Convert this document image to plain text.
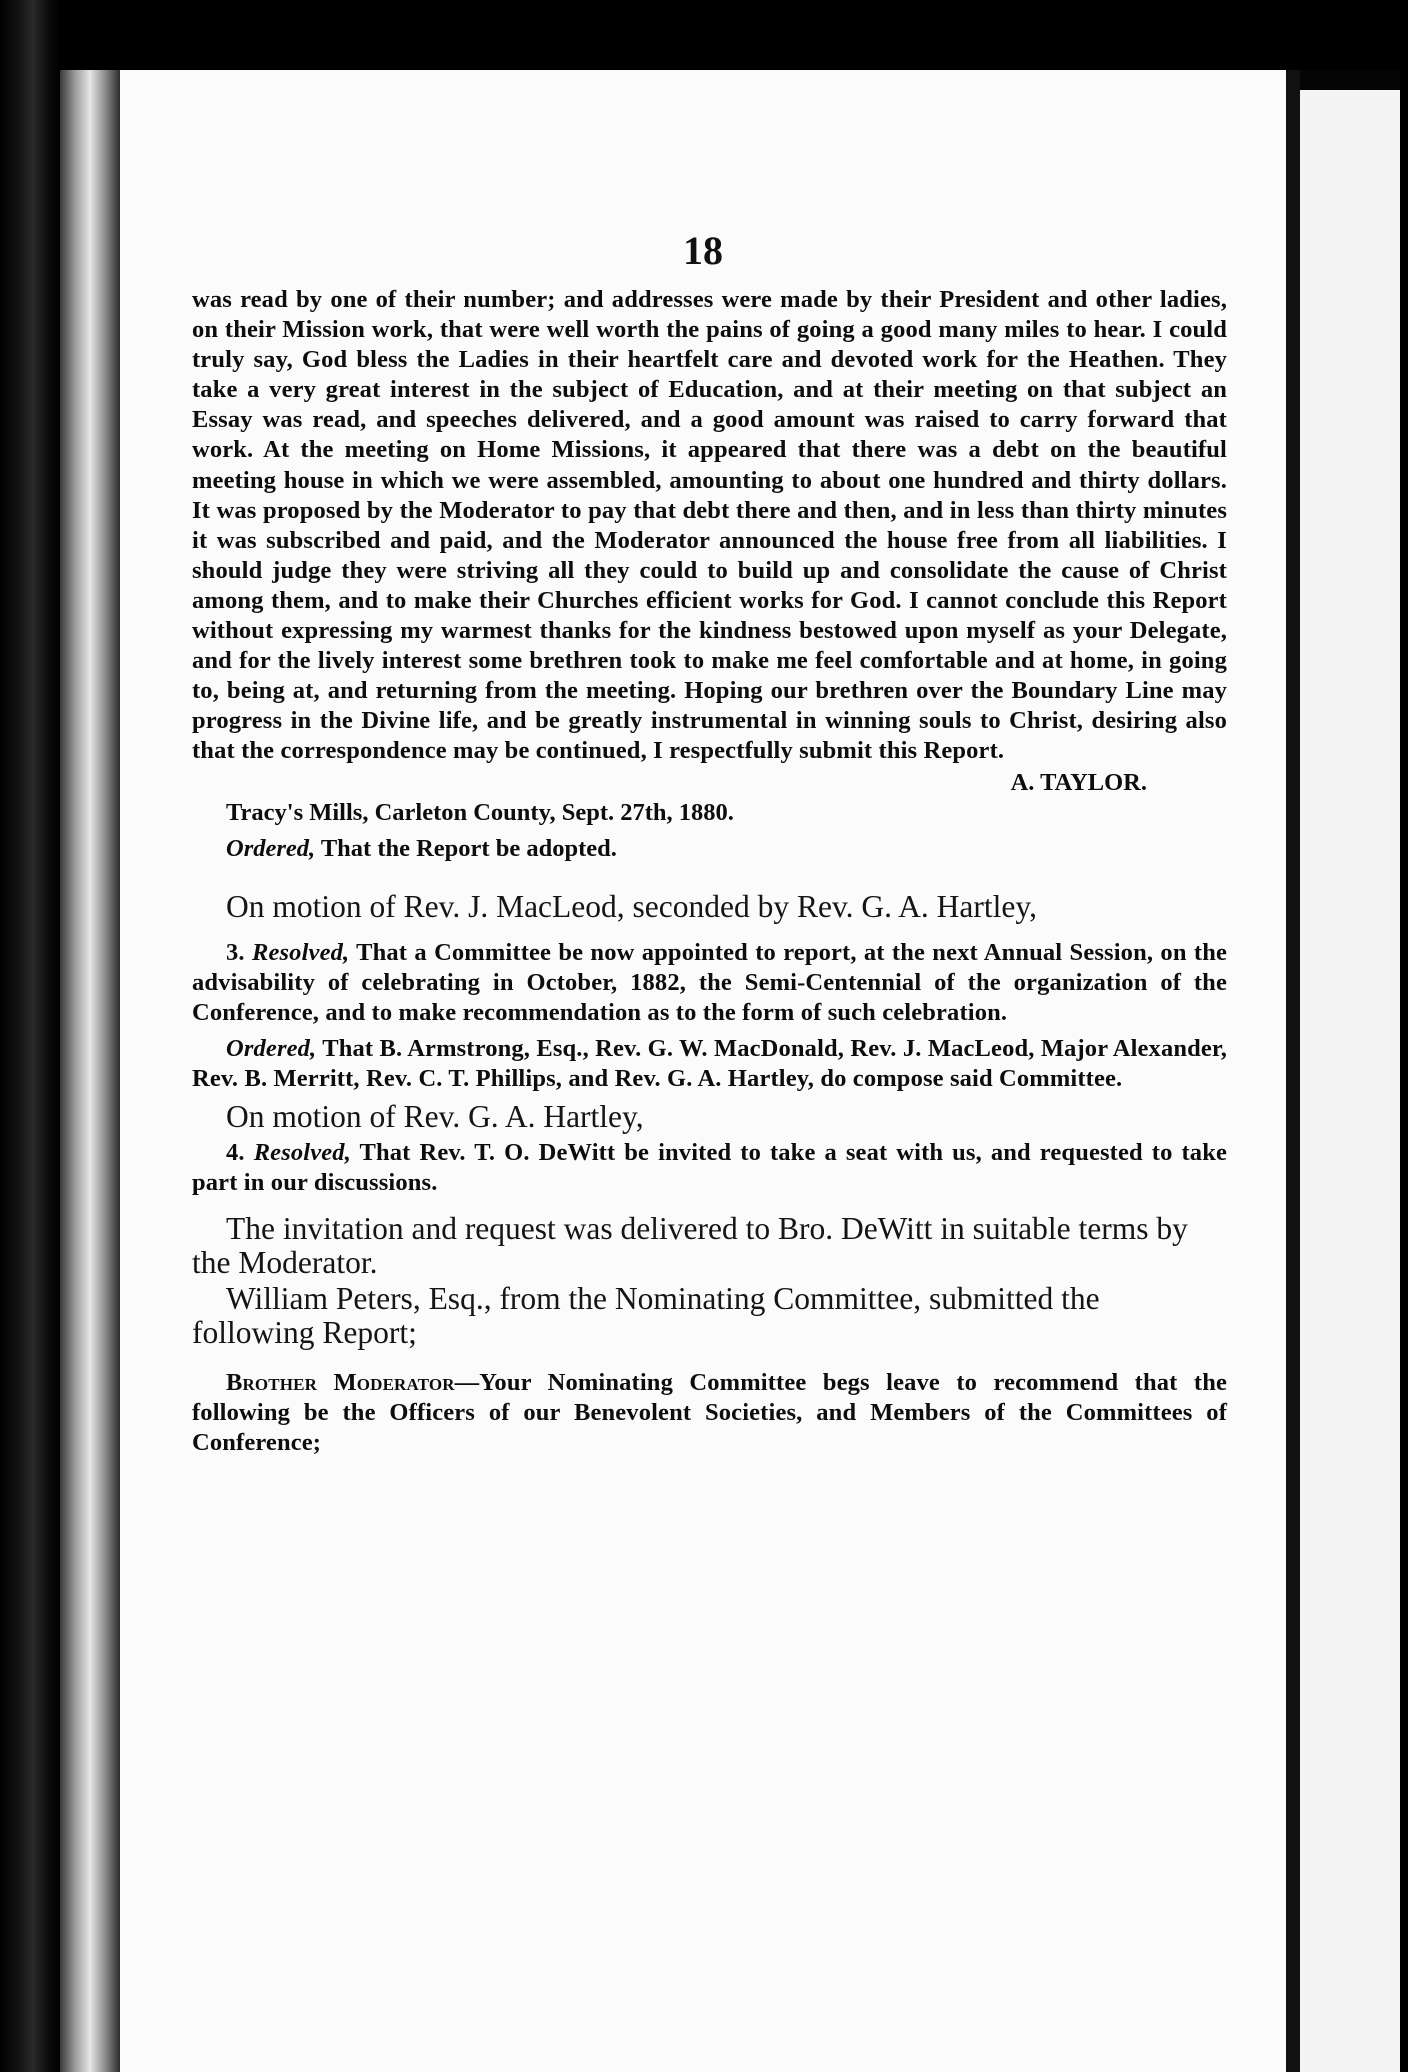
18

was read by one of their number; and addresses were made by their President and other ladies, on their Mission work, that were well worth the pains of going a good many miles to hear. I could truly say, God bless the Ladies in their heartfelt care and devoted work for the Heathen. They take a very great interest in the subject of Education, and at their meeting on that subject an Essay was read, and speeches delivered, and a good amount was raised to carry forward that work. At the meeting on Home Missions, it appeared that there was a debt on the beautiful meeting house in which we were assembled, amounting to about one hundred and thirty dollars. It was proposed by the Moderator to pay that debt there and then, and in less than thirty minutes it was subscribed and paid, and the Moderator announced the house free from all liabilities. I should judge they were striving all they could to build up and consolidate the cause of Christ among them, and to make their Churches efficient works for God. I cannot conclude this Report without expressing my warmest thanks for the kindness bestowed upon myself as your Delegate, and for the lively interest some brethren took to make me feel comfortable and at home, in going to, being at, and returning from the meeting. Hoping our brethren over the Boundary Line may progress in the Divine life, and be greatly instrumental in winning souls to Christ, desiring also that the correspondence may be continued, I respectfully submit this Report.

A. TAYLOR.

Tracy's Mills, Carleton County, Sept. 27th, 1880.

Ordered, That the Report be adopted.

On motion of Rev. J. MacLeod, seconded by Rev. G. A. Hartley,

3. Resolved, That a Committee be now appointed to report, at the next Annual Session, on the advisability of celebrating in October, 1882, the Semi-Centennial of the organization of the Conference, and to make recommendation as to the form of such celebration.

Ordered, That B. Armstrong, Esq., Rev. G. W. MacDonald, Rev. J. MacLeod, Major Alexander, Rev. B. Merritt, Rev. C. T. Phillips, and Rev. G. A. Hartley, do compose said Committee.

On motion of Rev. G. A. Hartley,

4. Resolved, That Rev. T. O. DeWitt be invited to take a seat with us, and requested to take part in our discussions.

The invitation and request was delivered to Bro. DeWitt in suitable terms by the Moderator.

William Peters, Esq., from the Nominating Committee, submitted the following Report;

Brother Moderator—Your Nominating Committee begs leave to recommend that the following be the Officers of our Benevolent Societies, and Members of the Committees of Conference;
